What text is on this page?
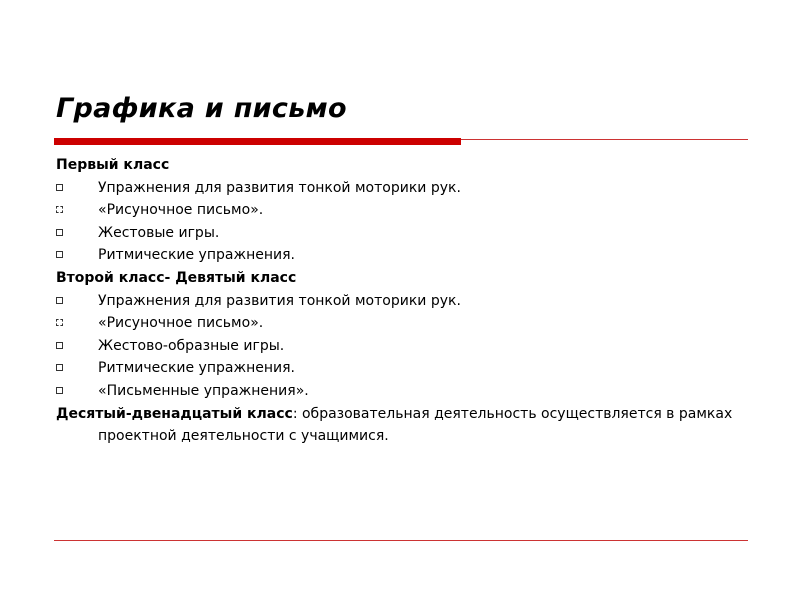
Графика и письмо
Первый класс
Упражнения для развития тонкой моторики рук.
«Рисуночное письмо».
Жестовые игры.
Ритмические упражнения.
Второй класс- Девятый класс
Упражнения для развития тонкой моторики рук.
«Рисуночное письмо».
Жестово-образные игры.
Ритмические упражнения.
«Письменные упражнения».
Десятый-двенадцатый класс: образовательная деятельность осуществляется в рамках проектной деятельности с учащимися.
